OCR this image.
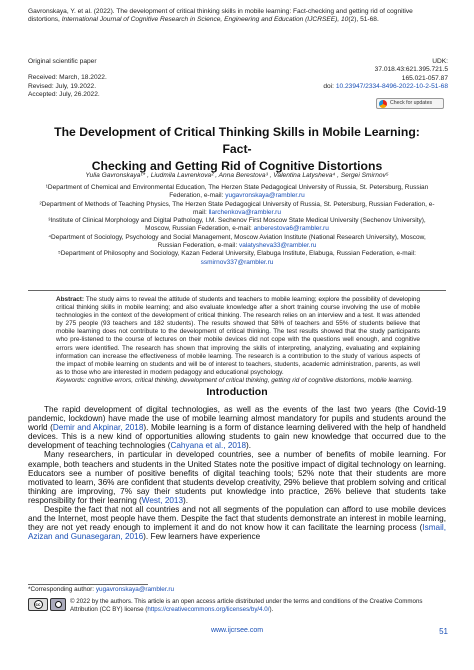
Gavronskaya, Y. et al. (2022). The development of critical thinking skills in mobile learning: Fact-checking and getting rid of cognitive distortions, International Journal of Cognitive Research in Science, Engineering and Education (IJCRSEE), 10(2), 51-68.
Original scientific paper
Received: March, 18.2022.
Revised: July, 19.2022.
Accepted: July, 26.2022.
UDK:
37.018.43:621.395.721.5
165.021-057.87
doi: 10.23947/2334-8496-2022-10-2-51-68
Check for updates
The Development of Critical Thinking Skills in Mobile Learning: Fact-
Checking and Getting Rid of Cognitive Distortions
Yulia Gavronskaya¹* , Liudmila Lavrenkova² , Anna Berestova³ , Valentina Latysheva⁴ , Sergei Smirnov⁵
¹Department of Chemical and Environmental Education, The Herzen State Pedagogical University of Russia, St. Petersburg, Russian Federation, e-mail: yugavronskaya@rambler.ru
²Department of Methods of Teaching Physics, The Herzen State Pedagogical University of Russia, St. Petersburg, Russian Federation, e-mail: llarchenkova@rambler.ru
³Institute of Clinical Morphology and Digital Pathology, I.M. Sechenov First Moscow State Medical University (Sechenov University), Moscow, Russian Federation, e-mail: anberestova6@rambler.ru
⁴Department of Sociology, Psychology and Social Management, Moscow Aviation Institute (National Research University), Moscow, Russian Federation, e-mail: valatysheva33@rambler.ru
⁵Department of Philosophy and Sociology, Kazan Federal University, Elabuga Institute, Elabuga, Russian Federation, e-mail: ssmirnov337@rambler.ru

Abstract: The study aims to reveal the attitude of students and teachers to mobile learning; explore the possibility of developing critical thinking skills in mobile learning; and also evaluate knowledge after a short training course involving the use of mobile technologies in the context of the development of critical thinking. The research relies on an interview and a test. It was attended by 275 people (93 teachers and 182 students). The results showed that 58% of teachers and 55% of students believe that mobile learning does not contribute to the development of critical thinking. The test results showed that the study participants who pre-listened to the course of lectures on their mobile devices did not cope with the questions well enough, and cognitive errors were identified. The research has shown that improving the skills of interpreting, analyzing, evaluating and explaining information can increase the effectiveness of mobile learning. The research is a contribution to the study of various aspects of the impact of mobile learning on students and will be of interest to teachers, students, academic administration, parents, as well as to those who are interested in modern pedagogy and educational psychology.

Keywords: cognitive errors, critical thinking, development of critical thinking, getting rid of cognitive distortions, mobile learning.

Introduction

The rapid development of digital technologies, as well as the events of the last two years (the Covid-19 pandemic, lockdown) have made the use of mobile learning almost mandatory for pupils and students around the world (Demir and Akpinar, 2018). Mobile learning is a form of distance learning delivered with the help of handheld devices. This is a new kind of opportunities allowing students to gain new knowledge that occurred due to the development of teaching technologies (Cahyana et al., 2018).

Many researchers, in particular in developed countries, see a number of benefits of mobile learning. For example, both teachers and students in the United States note the positive impact of digital technology on learning. Educators see a number of positive benefits of digital teaching tools; 52% note that their students are more motivated to learn, 36% are confident that students develop creativity, 29% believe that problem solving and critical thinking are improving, 7% say their students put knowledge into practice, 26% believe that students take responsibility for their learning (West, 2013).

Despite the fact that not all countries and not all segments of the population can afford to use mobile devices and the Internet, most people have them. Despite the fact that students demonstrate an interest in mobile learning, they are not yet ready enough to implement it and do not know how it can facilitate the learning process (Ismail, Azizan and Gunasegaran, 2016). Few learners have experience

*Corresponding author: yugavronskaya@rambler.ru
cc	© 2022 by the authors. This article is an open access article distributed under the terms and conditions of the Creative Commons Attribution (CC BY) license (https://creativecommons.org/licenses/by/4.0/).
www.ijcrsee.com	51
